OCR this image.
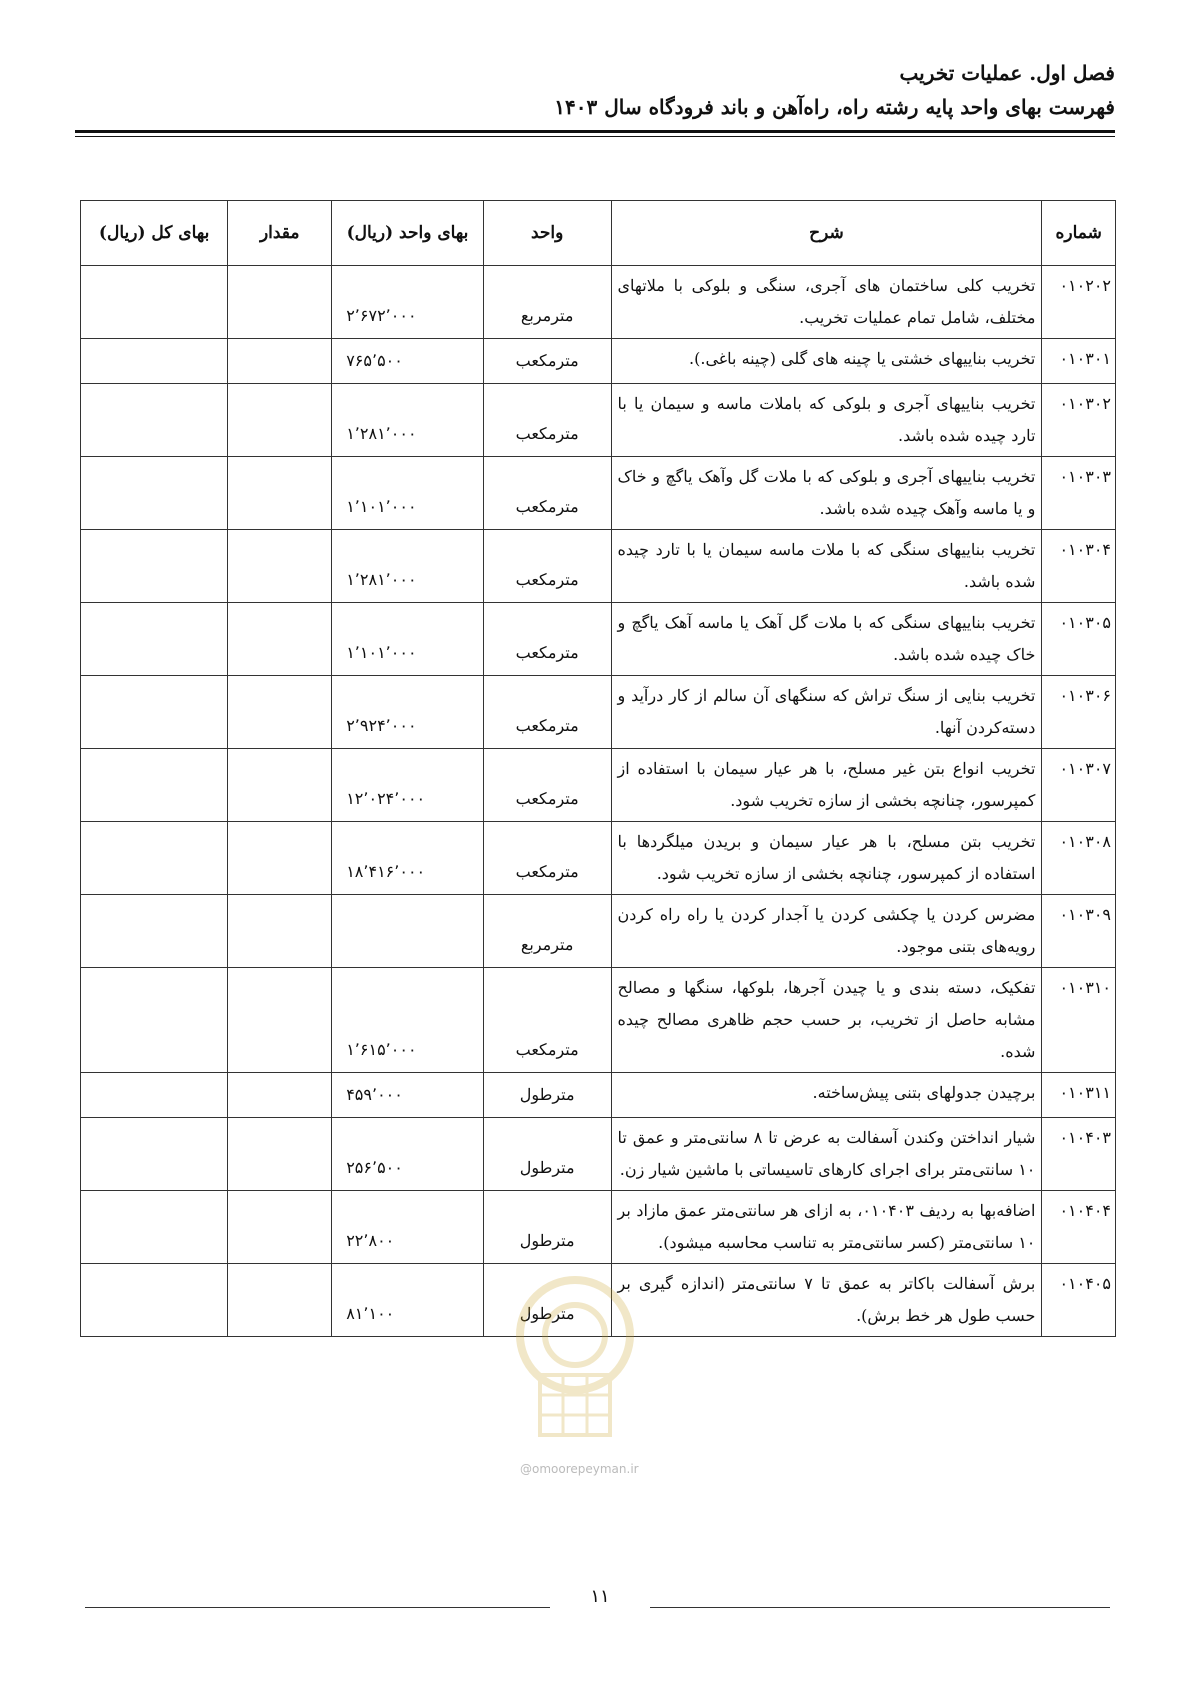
فصل اول. عملیات تخریب
فهرست بهای واحد پایه رشته راه، راه‌آهن و باند فرودگاه سال ۱۴۰۳
شماره	شرح	واحد	بهای واحد (ریال)	مقدار	بهای کل (ریال)
۰۱۰۲۰۲	تخریب کلی ساختمان های آجری، سنگی و بلوکی با ملاتهای مختلف، شامل تمام عملیات تخریب.	مترمربع	۲٬۶۷۲٬۰۰۰		
۰۱۰۳۰۱	تخریب بناییهای خشتی یا چینه های گلی (چینه باغی.).	مترمکعب	۷۶۵٬۵۰۰		
۰۱۰۳۰۲	تخریب بناییهای آجری و بلوکی که باملات ماسه و سیمان یا با تارد چیده شده باشد.	مترمکعب	۱٬۲۸۱٬۰۰۰		
۰۱۰۳۰۳	تخریب بناییهای آجری و بلوکی که با ملات گل وآهک یاگچ و خاک و یا ماسه وآهک چیده شده باشد.	مترمکعب	۱٬۱۰۱٬۰۰۰		
۰۱۰۳۰۴	تخریب بناییهای سنگی که با ملات ماسه سیمان یا با تارد چیده شده باشد.	مترمکعب	۱٬۲۸۱٬۰۰۰		
۰۱۰۳۰۵	تخریب بناییهای سنگی که با ملات گل آهک یا ماسه آهک یاگچ و خاک چیده شده باشد.	مترمکعب	۱٬۱۰۱٬۰۰۰		
۰۱۰۳۰۶	تخریب بنایی از سنگ تراش که سنگهای آن سالم از کار درآید و دسته‌کردن آنها.	مترمکعب	۲٬۹۲۴٬۰۰۰		
۰۱۰۳۰۷	تخریب انواع بتن غیر مسلح، با هر عیار سیمان با استفاده از کمپرسور، چنانچه بخشی از سازه تخریب شود.	مترمکعب	۱۲٬۰۲۴٬۰۰۰		
۰۱۰۳۰۸	تخریب بتن مسلح، با هر عیار سیمان و بریدن میلگردها با استفاده از کمپرسور، چنانچه بخشی از سازه تخریب شود.	مترمکعب	۱۸٬۴۱۶٬۰۰۰		
۰۱۰۳۰۹	مضرس کردن یا چکشی کردن یا آجدار کردن یا راه راه کردن رویه‌های بتنی موجود.	مترمربع			
۰۱۰۳۱۰	تفکیک، دسته بندی و یا چیدن آجرها، بلوکها، سنگها و مصالح مشابه حاصل از تخریب، بر حسب حجم ظاهری مصالح چیده شده.	مترمکعب	۱٬۶۱۵٬۰۰۰		
۰۱۰۳۱۱	برچیدن جدولهای بتنی پیش‌ساخته.	مترطول	۴۵۹٬۰۰۰		
۰۱۰۴۰۳	شیار انداختن وکندن آسفالت به عرض تا ۸ سانتی‌متر و عمق تا ۱۰ سانتی‌متر برای اجرای کارهای تاسیساتی با ماشین شیار زن.	مترطول	۲۵۶٬۵۰۰		
۰۱۰۴۰۴	اضافه‌بها به ردیف ۰۱۰۴۰۳، به ازای هر سانتی‌متر عمق مازاد بر ۱۰ سانتی‌متر (کسر سانتی‌متر به تناسب محاسبه میشود).	مترطول	۲۲٬۸۰۰		
۰۱۰۴۰۵	برش آسفالت باکاتر به عمق تا ۷ سانتی‌متر (اندازه گیری بر حسب طول هر خط برش).	مترطول	۸۱٬۱۰۰		
@omoorepeyman.ir
۱۱
